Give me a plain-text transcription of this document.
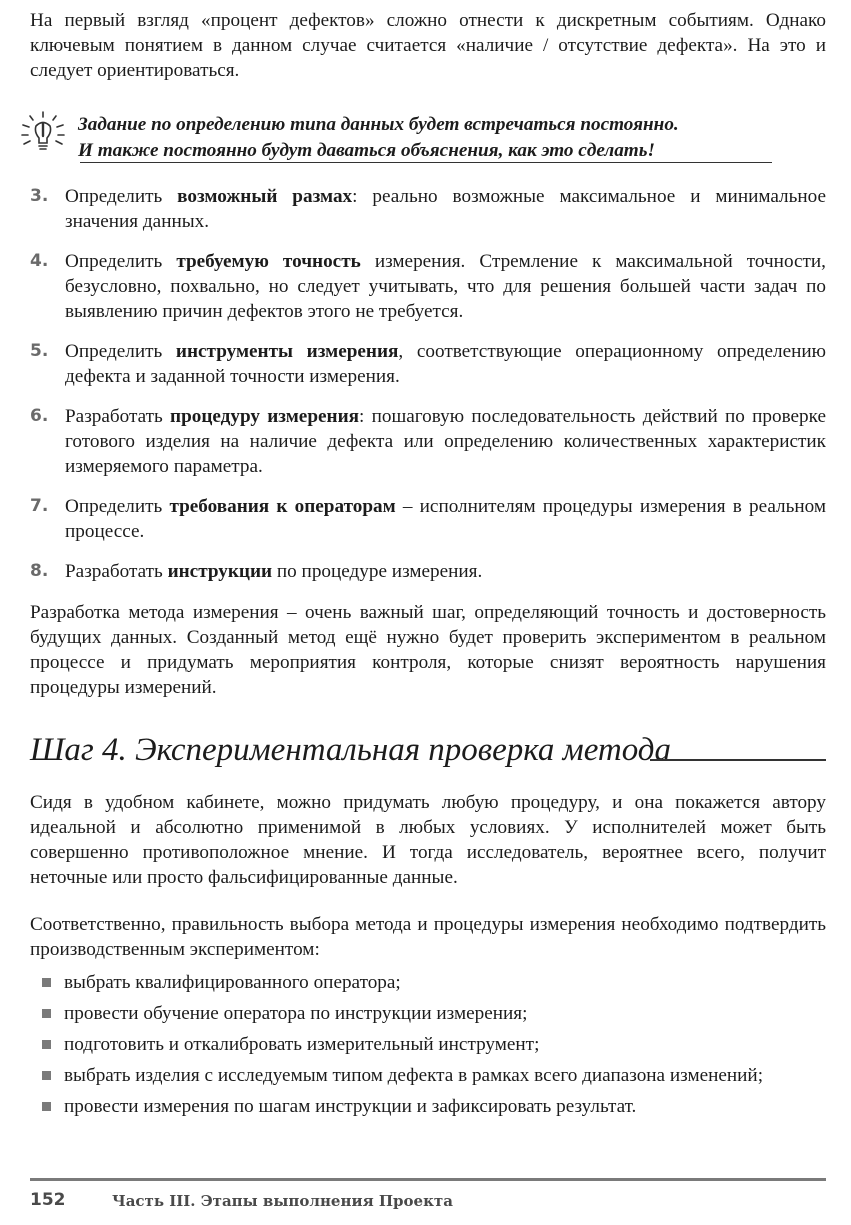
На первый взгляд «процент дефектов» сложно отнести к дискретным событиям. Однако ключевым понятием в данном случае считается «наличие / отсутствие дефекта». На это и следует ориентироваться.

Задание по определению типа данных будет встречаться постоянно.
И также постоянно будут даваться объяснения, как это сделать!
3. Определить возможный размах: реально возможные максимальное и минимальное значения данных.
4. Определить требуемую точность измерения. Стремление к максимальной точности, безусловно, похвально, но следует учитывать, что для решения большей части задач по выявлению причин дефектов этого не требуется.
5. Определить инструменты измерения, соответствующие операционному определению дефекта и заданной точности измерения.
6. Разработать процедуру измерения: пошаговую последовательность действий по проверке готового изделия на наличие дефекта или определению количественных характеристик измеряемого параметра.
7. Определить требования к операторам – исполнителям процедуры измерения в реальном процессе.
8. Разработать инструкции по процедуре измерения.

Разработка метода измерения – очень важный шаг, определяющий точность и достоверность будущих данных. Созданный метод ещё нужно будет проверить экспериментом в реальном процессе и придумать мероприятия контроля, которые снизят вероятность нарушения процедуры измерений.

Шаг 4. Экспериментальная проверка метода

Сидя в удобном кабинете, можно придумать любую процедуру, и она покажется автору идеальной и абсолютно применимой в любых условиях. У исполнителей может быть совершенно противоположное мнение. И тогда исследователь, вероятнее всего, получит неточные или просто фальсифицированные данные.

Соответственно, правильность выбора метода и процедуры измерения необходимо подтвердить производственным экспериментом:

выбрать квалифицированного оператора;
провести обучение оператора по инструкции измерения;
подготовить и откалибровать измерительный инструмент;
выбрать изделия с исследуемым типом дефекта в рамках всего диапазона изменений;
провести измерения по шагам инструкции и зафиксировать результат.
152	Часть III. Этапы выполнения Проекта
